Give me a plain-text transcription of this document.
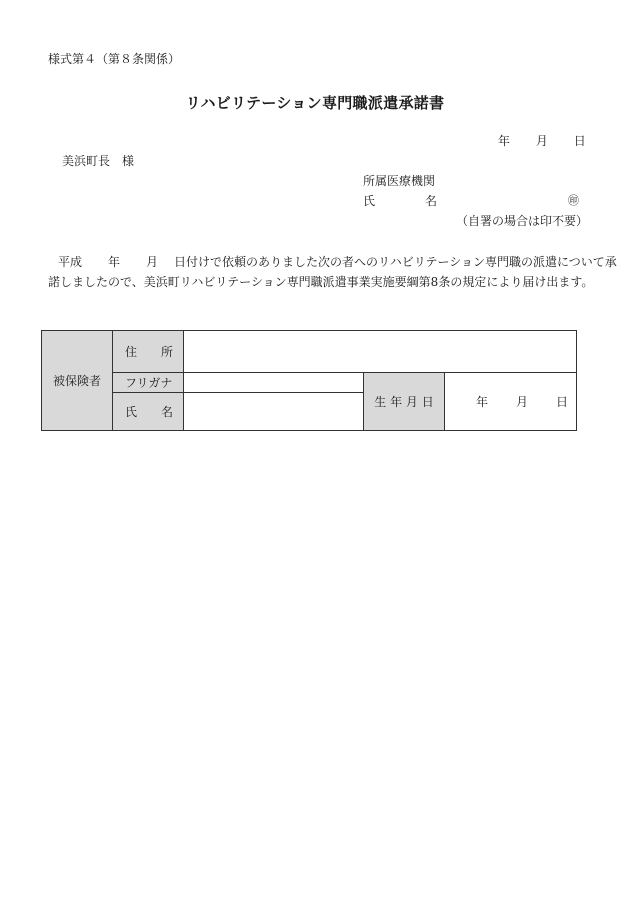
様式第４（第８条関係）
リハビリテーション専門職派遣承諾書
年 月 日
美浜町長　様
所属医療機関
氏	名	㊞
（自署の場合は印不要）
平成 年 月 日付けで依頼のありました次の者へのリハビリテーション専門職の派遣について承
諾しましたので、美浜町リハビリテーション専門職派遣事業実施要綱第8条の規定により届け出ます。
被保険者	住　　所			
	フリガナ		生 年 月 日	年 月 日
	氏　　名			
